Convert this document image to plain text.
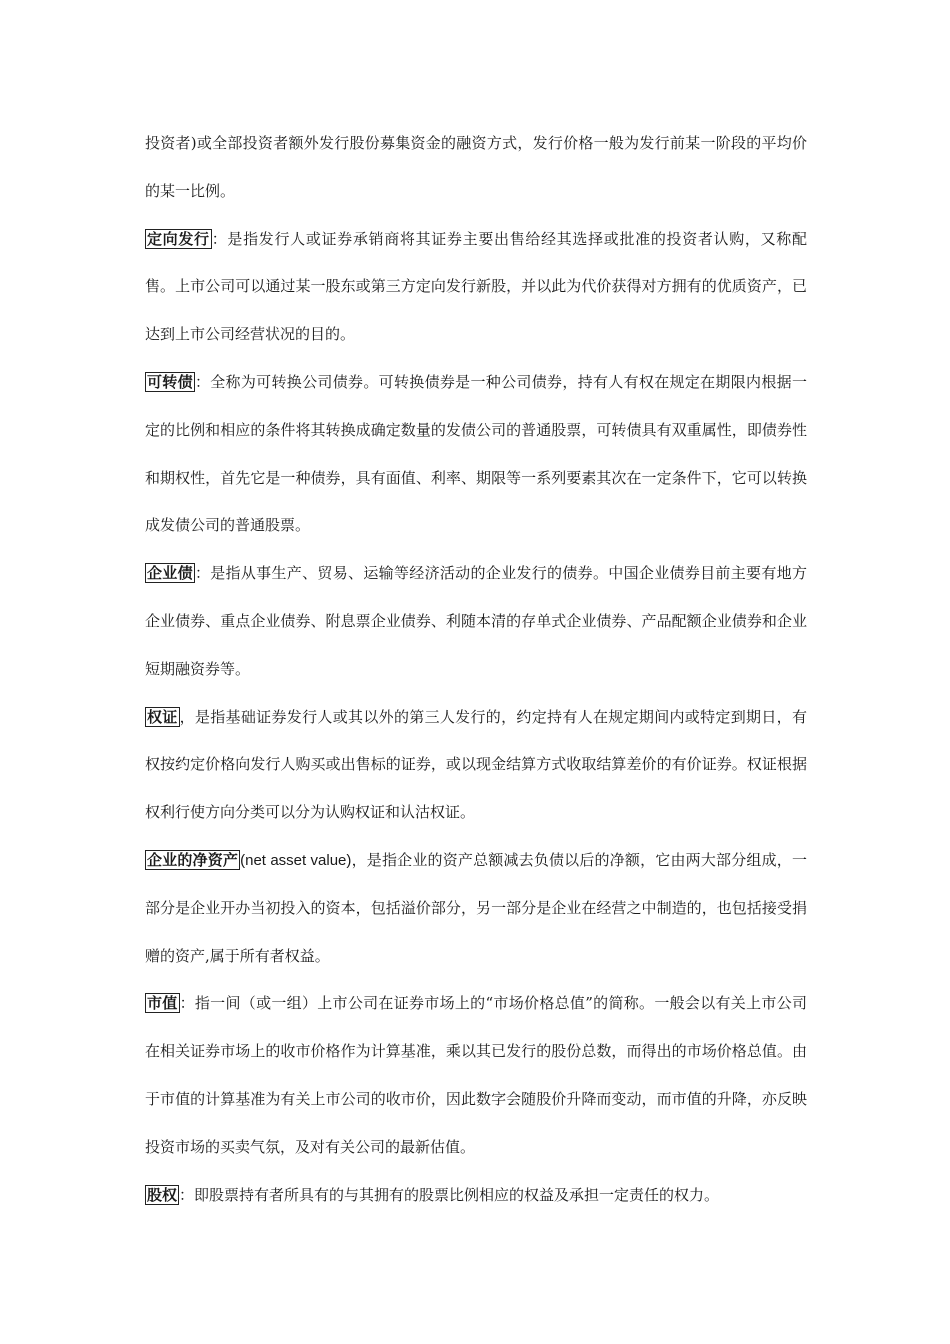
投资者)或全部投资者额外发行股份募集资金的融资方式，发行价格一般为发行前某一阶段的平均价的某一比例。

定向发行 ：是指发行人或证券承销商将其证券主要出售给经其选择或批准的投资者认购，又称配售。上市公司可以通过某一股东或第三方定向发行新股，并以此为代价获得对方拥有的优质资产，已达到上市公司经营状况的目的。

可转债 ：全称为可转换公司债券。可转换债券是一种公司债券，持有人有权在规定在期限内根据一定的比例和相应的条件将其转换成确定数量的发债公司的普通股票，可转债具有双重属性，即债券性和期权性，首先它是一种债券，具有面值、利率、期限等一系列要素其次在一定条件下，它可以转换成发债公司的普通股票。

企业债 ：是指从事生产、贸易、运输等经济活动的企业发行的债券。中国企业债券目前主要有地方企业债券、重点企业债券、附息票企业债券、利随本清的存单式企业债券、产品配额企业债券和企业短期融资券等。

权证 ，是指基础证券发行人或其以外的第三人发行的，约定持有人在规定期间内或特定到期日，有权按约定价格向发行人购买或出售标的证券，或以现金结算方式收取结算差价的有价证券。权证根据权利行使方向分类可以分为认购权证和认沽权证。

企业的净资产 (net asset value)，是指企业的资产总额减去负债以后的净额，它由两大部分组成，一部分是企业开办当初投入的资本，包括溢价部分，另一部分是企业在经营之中制造的，也包括接受捐赠的资产,属于所有者权益。

市值 ：指一间（或一组）上市公司在证券市场上的“市场价格总值”的简称。一般会以有关上市公司在相关证券市场上的收市价格作为计算基准，乘以其已发行的股份总数，而得出的市场价格总值。由于市值的计算基准为有关上市公司的收市价，因此数字会随股价升降而变动，而市值的升降，亦反映投资市场的买卖气氛，及对有关公司的最新估值。

股权 ：即股票持有者所具有的与其拥有的股票比例相应的权益及承担一定责任的权力。
